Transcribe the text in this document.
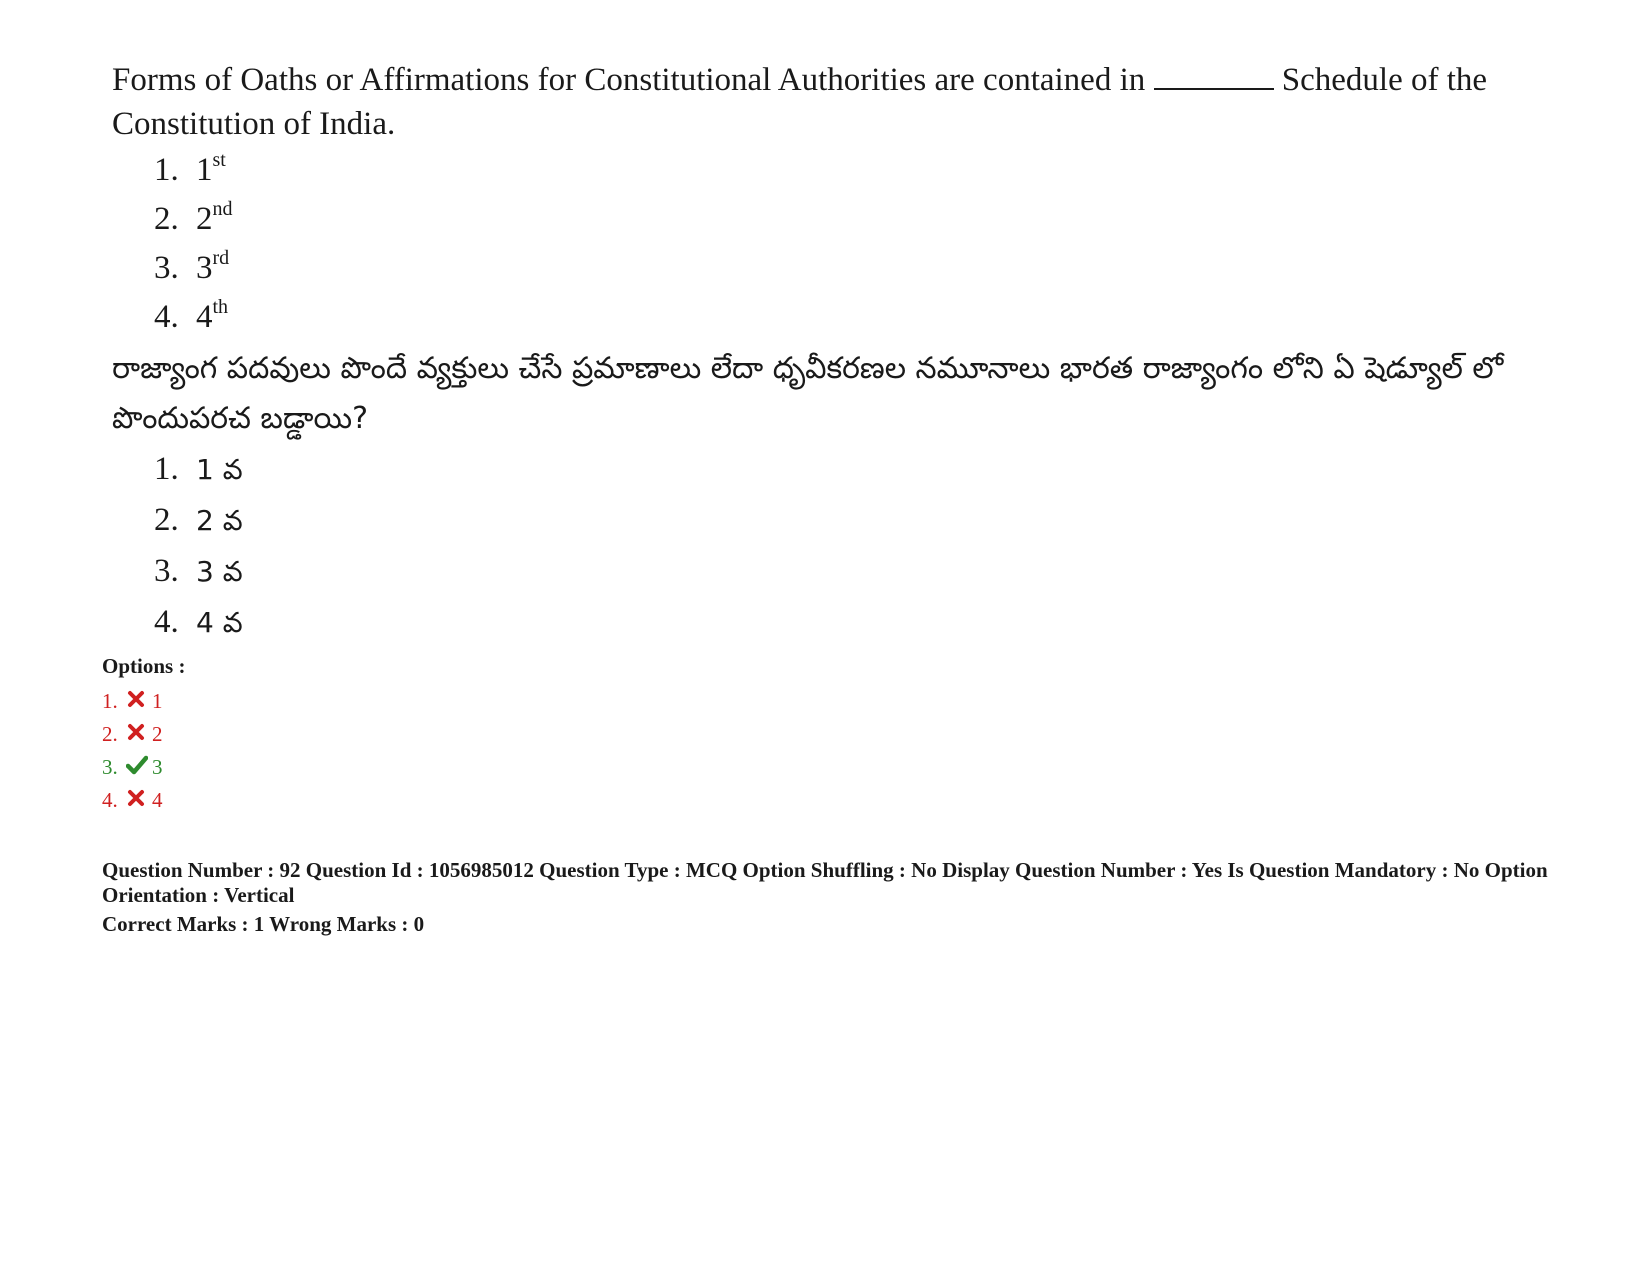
Forms of Oaths or Affirmations for Constitutional Authorities are contained in	Schedule of the Constitution of India.

1. 1st
2. 2nd
3. 3rd
4. 4th

రాజ్యాంగ పదవులు పొందే వ్యక్తులు చేసే ప్రమాణాలు లేదా ధృవీకరణల నమూనాలు భారత రాజ్యాంగం లోని ఏ షెడ్యూల్ లో పొందుపరచ బడ్డాయి?

1. 1 వ
2. 2 వ
3. 3 వ
4. 4 వ

Options :

1.	1
2.	2
3.	3
4.	4

Question Number : 92 Question Id : 1056985012 Question Type : MCQ Option Shuffling : No Display Question Number : Yes Is Question Mandatory : No Option Orientation : Vertical

Correct Marks : 1 Wrong Marks : 0
